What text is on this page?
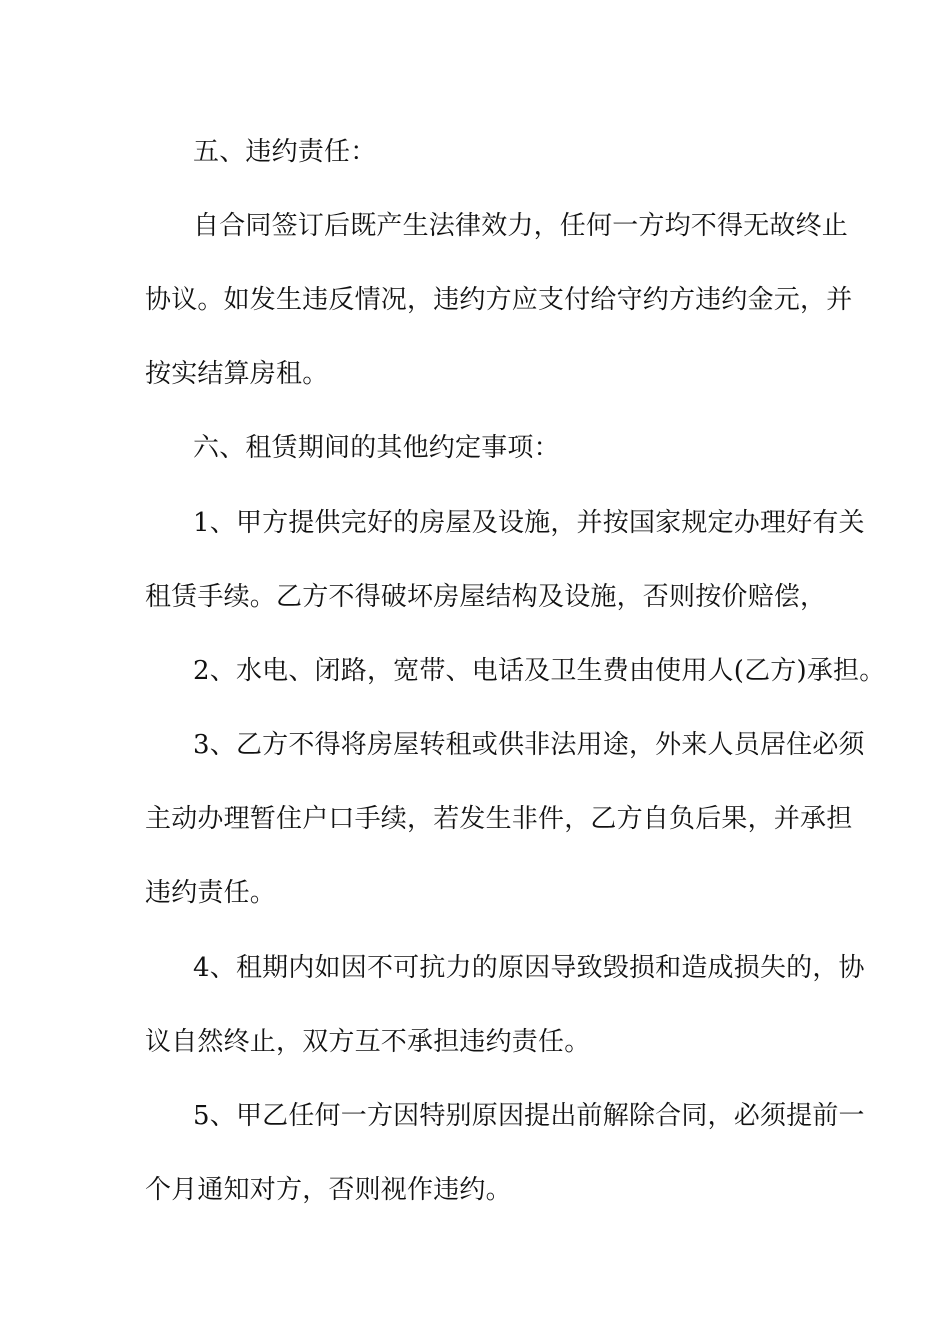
五、违约责任：
自合同签订后既产生法律效力，任何一方均不得无故终止
协议。如发生违反情况，违约方应支付给守约方违约金元，并
按实结算房租。
六、租赁期间的其他约定事项：
1、甲方提供完好的房屋及设施，并按国家规定办理好有关
租赁手续。乙方不得破坏房屋结构及设施，否则按价赔偿，
2、水电、闭路，宽带、电话及卫生费由使用人(乙方)承担。
3、乙方不得将房屋转租或供非法用途，外来人员居住必须
主动办理暂住户口手续，若发生非件，乙方自负后果，并承担
违约责任。
4、租期内如因不可抗力的原因导致毁损和造成损失的，协
议自然终止，双方互不承担违约责任。
5、甲乙任何一方因特别原因提出前解除合同，必须提前一
个月通知对方，否则视作违约。
